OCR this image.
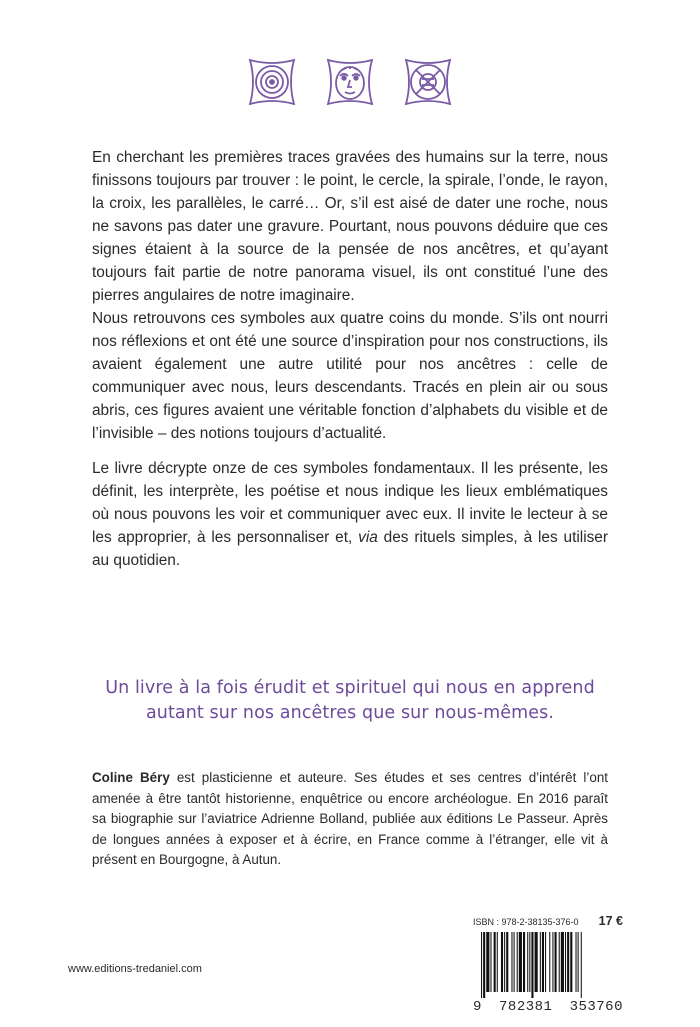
En cherchant les premières traces gravées des humains sur la terre, nous finissons toujours par trouver : le point, le cercle, la spirale, l’onde, le rayon, la croix, les parallèles, le carré… Or, s’il est aisé de dater une roche, nous ne savons pas dater une gravure. Pourtant, nous pouvons déduire que ces signes étaient à la source de la pensée de nos ancêtres, et qu’ayant toujours fait partie de notre panorama visuel, ils ont constitué l’une des pierres angulaires de notre imaginaire.

Nous retrouvons ces symboles aux quatre coins du monde. S’ils ont nourri nos réflexions et ont été une source d’inspiration pour nos constructions, ils avaient également une autre utilité pour nos ancêtres : celle de communiquer avec nous, leurs descendants. Tracés en plein air ou sous abris, ces figures avaient une véritable fonction d’alphabets du visible et de l’invisible – des notions toujours d’actualité.

Le livre décrypte onze de ces symboles fondamentaux. Il les présente, les définit, les interprète, les poétise et nous indique les lieux emblématiques où nous pouvons les voir et communiquer avec eux. Il invite le lecteur à se les approprier, à les personnaliser et, via des rituels simples, à les utiliser au quotidien.

Un livre à la fois érudit et spirituel qui nous en apprend
autant sur nos ancêtres que sur nous-mêmes.

Coline Béry est plasticienne et auteure. Ses études et ses centres d’intérêt l’ont amenée à être tantôt historienne, enquêtrice ou encore archéologue. En 2016 paraît sa biographie sur l’aviatrice Adrienne Bolland, publiée aux éditions Le Passeur. Après de longues années à exposer et à écrire, en France comme à l’étranger, elle vit à présent en Bourgogne, à Autun.

www.editions-tredaniel.com
ISBN : 978-2-38135-376-0 17 €
9 782381 353760
